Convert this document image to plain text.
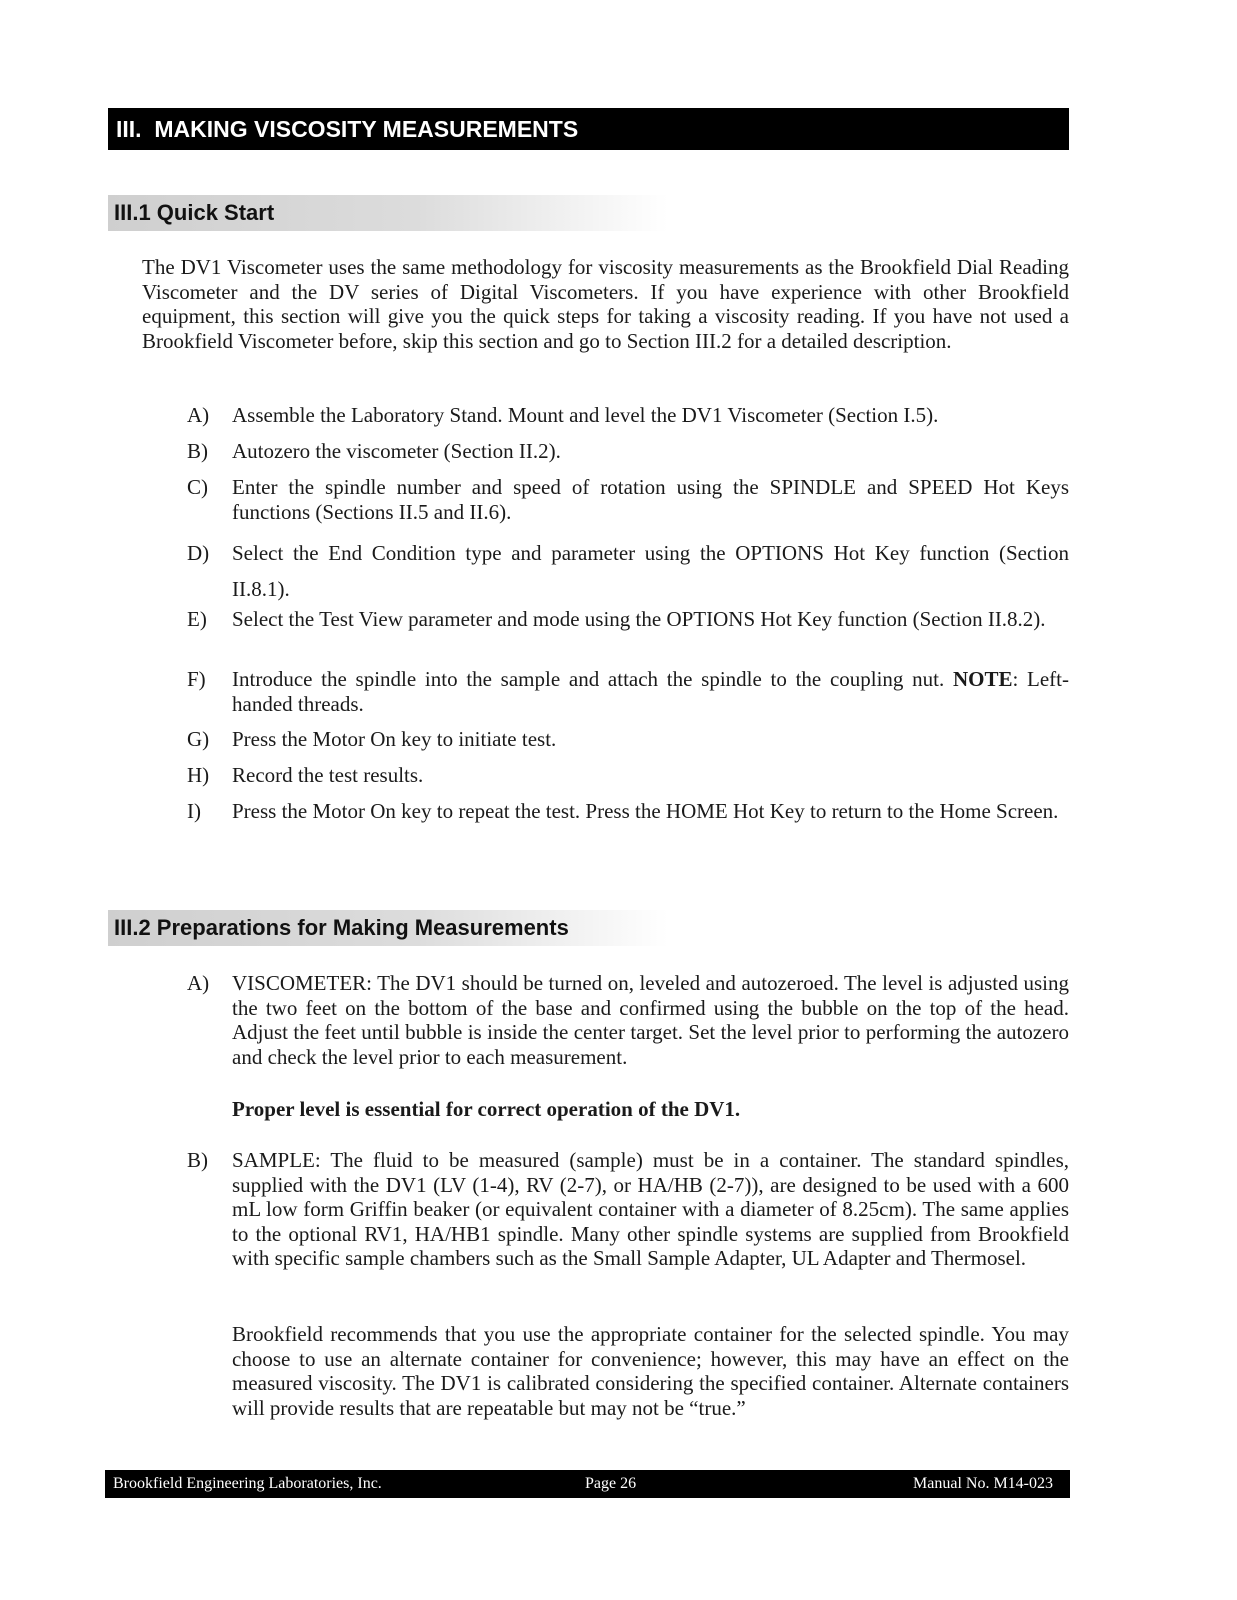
III.  MAKING VISCOSITY MEASUREMENTS
III.1 Quick Start
The DV1 Viscometer uses the same methodology for viscosity measurements as the Brookfield Dial Reading Viscometer and the DV series of Digital Viscometers. If you have experience with other Brookfield equipment, this section will give you the quick steps for taking a viscosity reading. If you have not used a Brookfield Viscometer before, skip this section and go to Section III.2 for a detailed description.
A) Assemble the Laboratory Stand. Mount and level the DV1 Viscometer (Section I.5).
B) Autozero the viscometer (Section II.2).
C) Enter the spindle number and speed of rotation using the SPINDLE and SPEED Hot Keys functions (Sections II.5 and II.6).
D) Select the End Condition type and parameter using the OPTIONS Hot Key function (Section II.8.1).
E) Select the Test View parameter and mode using the OPTIONS Hot Key function (Section II.8.2).
F) Introduce the spindle into the sample and attach the spindle to the coupling nut. NOTE: Left-handed threads.
G) Press the Motor On key to initiate test.
H) Record the test results.
I) Press the Motor On key to repeat the test. Press the HOME Hot Key to return to the Home Screen.
III.2 Preparations for Making Measurements
A) VISCOMETER: The DV1 should be turned on, leveled and autozeroed. The level is adjusted using the two feet on the bottom of the base and confirmed using the bubble on the top of the head. Adjust the feet until bubble is inside the center target. Set the level prior to performing the autozero and check the level prior to each measurement.
Proper level is essential for correct operation of the DV1.
B) SAMPLE: The fluid to be measured (sample) must be in a container. The standard spindles, supplied with the DV1 (LV (1-4), RV (2-7), or HA/HB (2-7)), are designed to be used with a 600 mL low form Griffin beaker (or equivalent container with a diameter of 8.25cm). The same applies to the optional RV1, HA/HB1 spindle. Many other spindle systems are supplied from Brookfield with specific sample chambers such as the Small Sample Adapter, UL Adapter and Thermosel.
Brookfield recommends that you use the appropriate container for the selected spindle. You may choose to use an alternate container for convenience; however, this may have an effect on the measured viscosity. The DV1 is calibrated considering the specified container. Alternate containers will provide results that are repeatable but may not be “true.”
Brookfield Engineering Laboratories, Inc.	Page 26	Manual No. M14-023
